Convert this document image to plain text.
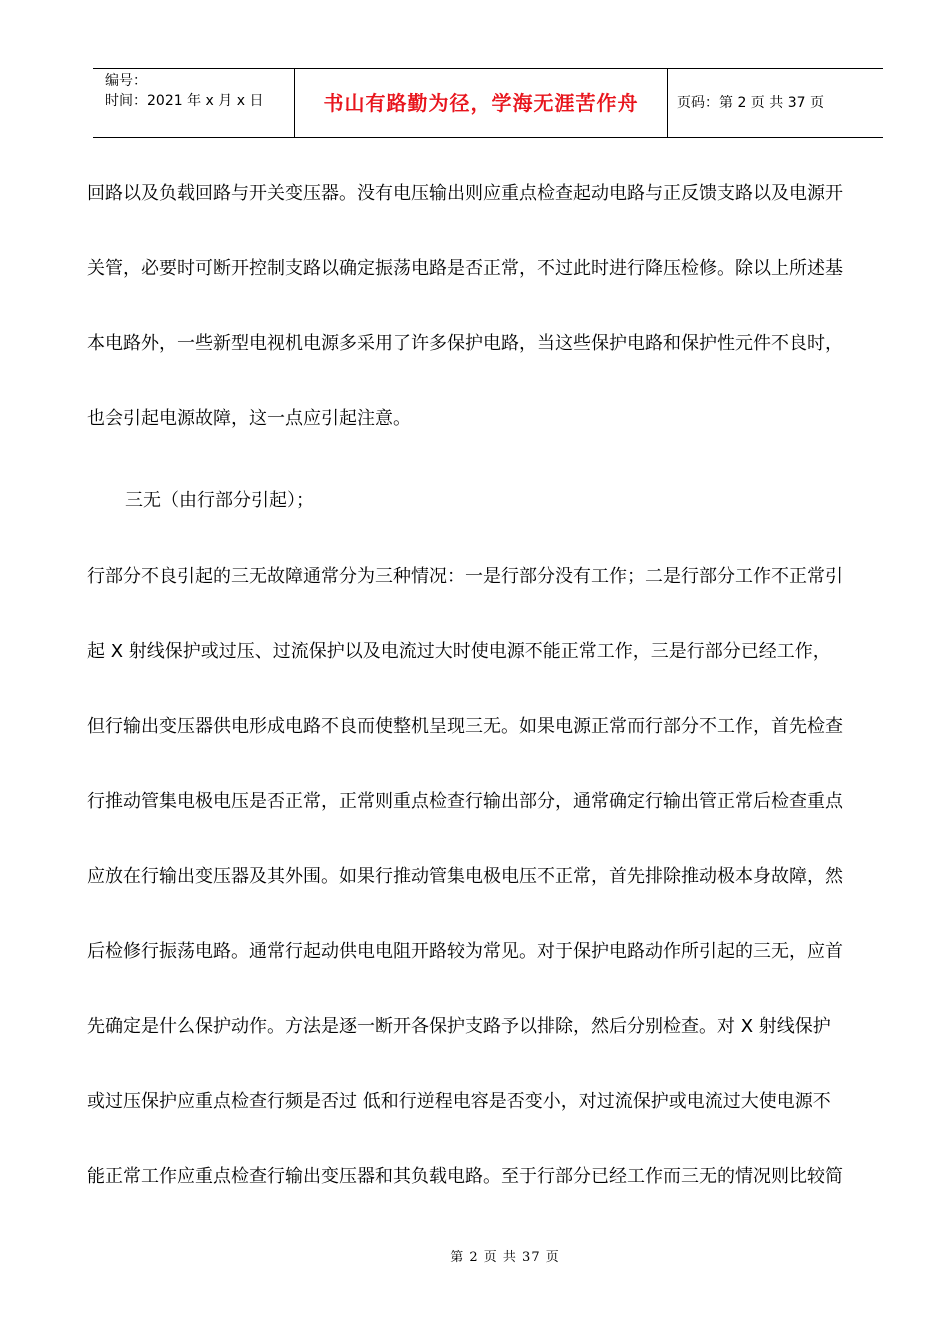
编号：
时间：2021 年 x 月 x 日	书山有路勤为径，学海无涯苦作舟	页码：第 2 页 共 37 页
回路以及负载回路与开关变压器。没有电压输出则应重点检查起动电路与正反馈支路以及电源开
关管，必要时可断开控制支路以确定振荡电路是否正常，不过此时进行降压检修。除以上所述基
本电路外，一些新型电视机电源多采用了许多保护电路，当这些保护电路和保护性元件不良时，
也会引起电源故障，这一点应引起注意。
三无（由行部分引起）；
行部分不良引起的三无故障通常分为三种情况：一是行部分没有工作；二是行部分工作不正常引
起 X 射线保护或过压、过流保护以及电流过大时使电源不能正常工作，三是行部分已经工作，
但行输出变压器供电形成电路不良而使整机呈现三无。如果电源正常而行部分不工作，首先检查
行推动管集电极电压是否正常，正常则重点检查行输出部分，通常确定行输出管正常后检查重点
应放在行输出变压器及其外围。如果行推动管集电极电压不正常，首先排除推动极本身故障，然
后检修行振荡电路。通常行起动供电电阻开路较为常见。对于保护电路动作所引起的三无，应首
先确定是什么保护动作。方法是逐一断开各保护支路予以排除，然后分别检查。对 X 射线保护
或过压保护应重点检查行频是否过 低和行逆程电容是否变小，对过流保护或电流过大使电源不
能正常工作应重点检查行输出变压器和其负载电路。至于行部分已经工作而三无的情况则比较简
第 2 页 共 37 页
